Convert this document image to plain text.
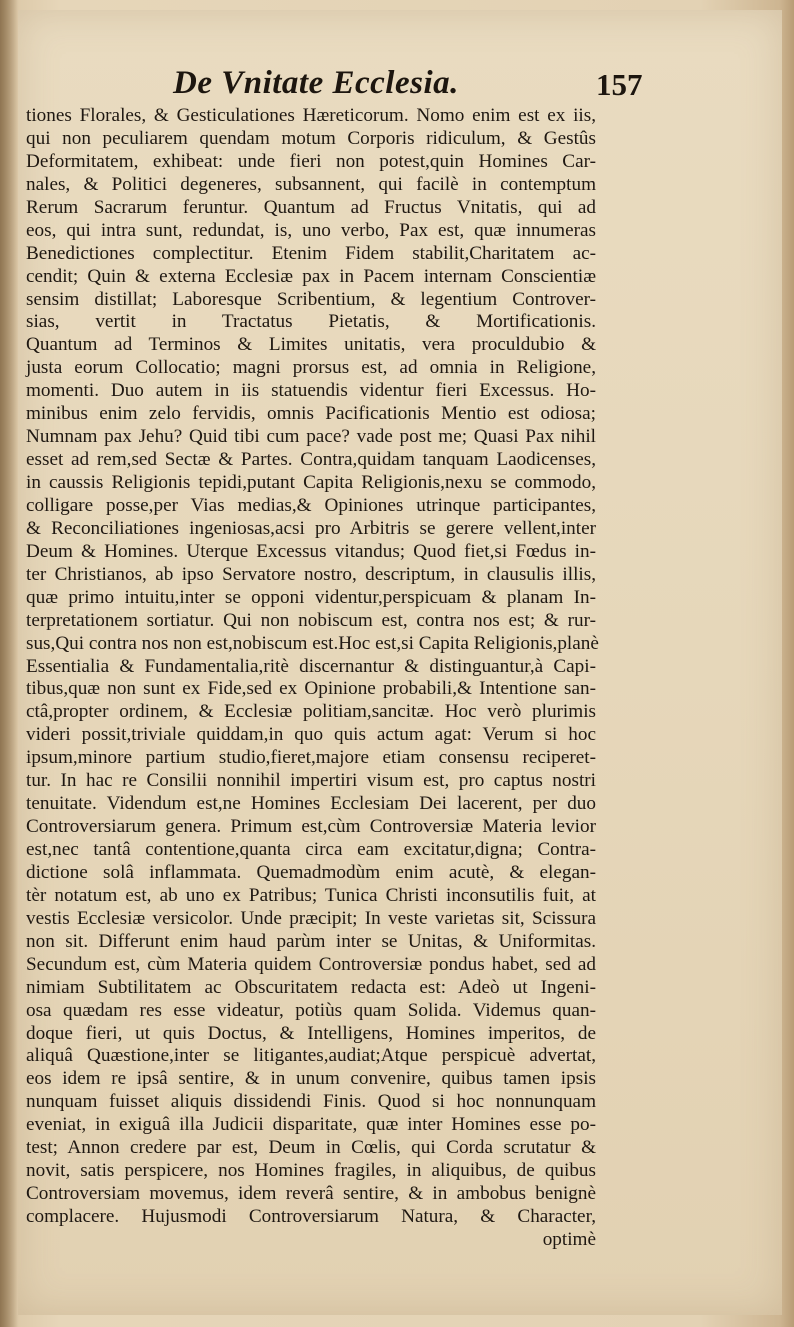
De Vnitate Ecclesia.	157
tiones Florales, & Gesticulationes Hæreticorum. Nomo enim est ex iis,
qui non peculiarem quendam motum Corporis ridiculum, & Gestûs
Deformitatem, exhibeat: unde fieri non potest,quin Homines Car-
nales, & Politici degeneres, subsannent, qui facilè in contemptum
Rerum Sacrarum feruntur. Quantum ad Fructus Vnitatis, qui ad
eos, qui intra sunt, redundat, is, uno verbo, Pax est, quæ innumeras
Benedictiones complectitur. Etenim Fidem stabilit,Charitatem ac-
cendit; Quin & externa Ecclesiæ pax in Pacem internam Conscientiæ
sensim distillat; Laboresque Scribentium, & legentium Controver-
sias, vertit in Tractatus Pietatis, & Mortificationis.
Quantum ad Terminos & Limites unitatis, vera proculdubio &
justa eorum Collocatio; magni prorsus est, ad omnia in Religione,
momenti. Duo autem in iis statuendis videntur fieri Excessus. Ho-
minibus enim zelo fervidis, omnis Pacificationis Mentio est odiosa;
Numnam pax Jehu? Quid tibi cum pace? vade post me; Quasi Pax nihil
esset ad rem,sed Sectæ & Partes. Contra,quidam tanquam Laodicenses,
in caussis Religionis tepidi,putant Capita Religionis,nexu se commodo,
colligare posse,per Vias medias,& Opiniones utrinque participantes,
& Reconciliationes ingeniosas,acsi pro Arbitris se gerere vellent,inter
Deum & Homines. Uterque Excessus vitandus; Quod fiet,si Fœdus in-
ter Christianos, ab ipso Servatore nostro, descriptum, in clausulis illis,
quæ primo intuitu,inter se opponi videntur,perspicuam & planam In-
terpretationem sortiatur. Qui non nobiscum est, contra nos est; & rur-
sus,Qui contra nos non est,nobiscum est.Hoc est,si Capita Religionis,planè
Essentialia & Fundamentalia,ritè discernantur & distinguantur,à Capi-
tibus,quæ non sunt ex Fide,sed ex Opinione probabili,& Intentione san-
ctâ,propter ordinem, & Ecclesiæ politiam,sancitæ. Hoc verò plurimis
videri possit,triviale quiddam,in quo quis actum agat: Verum si hoc
ipsum,minore partium studio,fieret,majore etiam consensu reciperet-
tur. In hac re Consilii nonnihil impertiri visum est, pro captus nostri
tenuitate. Videndum est,ne Homines Ecclesiam Dei lacerent, per duo
Controversiarum genera. Primum est,cùm Controversiæ Materia levior
est,nec tantâ contentione,quanta circa eam excitatur,digna; Contra-
dictione solâ inflammata. Quemadmodùm enim acutè, & elegan-
tèr notatum est, ab uno ex Patribus; Tunica Christi inconsutilis fuit, at
vestis Ecclesiæ versicolor. Unde præcipit; In veste varietas sit, Scissura
non sit. Differunt enim haud parùm inter se Unitas, & Uniformitas.
Secundum est, cùm Materia quidem Controversiæ pondus habet, sed ad
nimiam Subtilitatem ac Obscuritatem redacta est: Adeò ut Ingeni-
osa quædam res esse videatur, potiùs quam Solida. Videmus quan-
doque fieri, ut quis Doctus, & Intelligens, Homines imperitos, de
aliquâ Quæstione,inter se litigantes,audiat;Atque perspicuè advertat,
eos idem re ipsâ sentire, & in unum convenire, quibus tamen ipsis
nunquam fuisset aliquis dissidendi Finis. Quod si hoc nonnunquam
eveniat, in exiguâ illa Judicii disparitate, quæ inter Homines esse po-
test; Annon credere par est, Deum in Cœlis, qui Corda scrutatur &
novit, satis perspicere, nos Homines fragiles, in aliquibus, de quibus
Controversiam movemus, idem reverâ sentire, & in ambobus benignè
complacere. Hujusmodi Controversiarum Natura, & Character,
optimè
